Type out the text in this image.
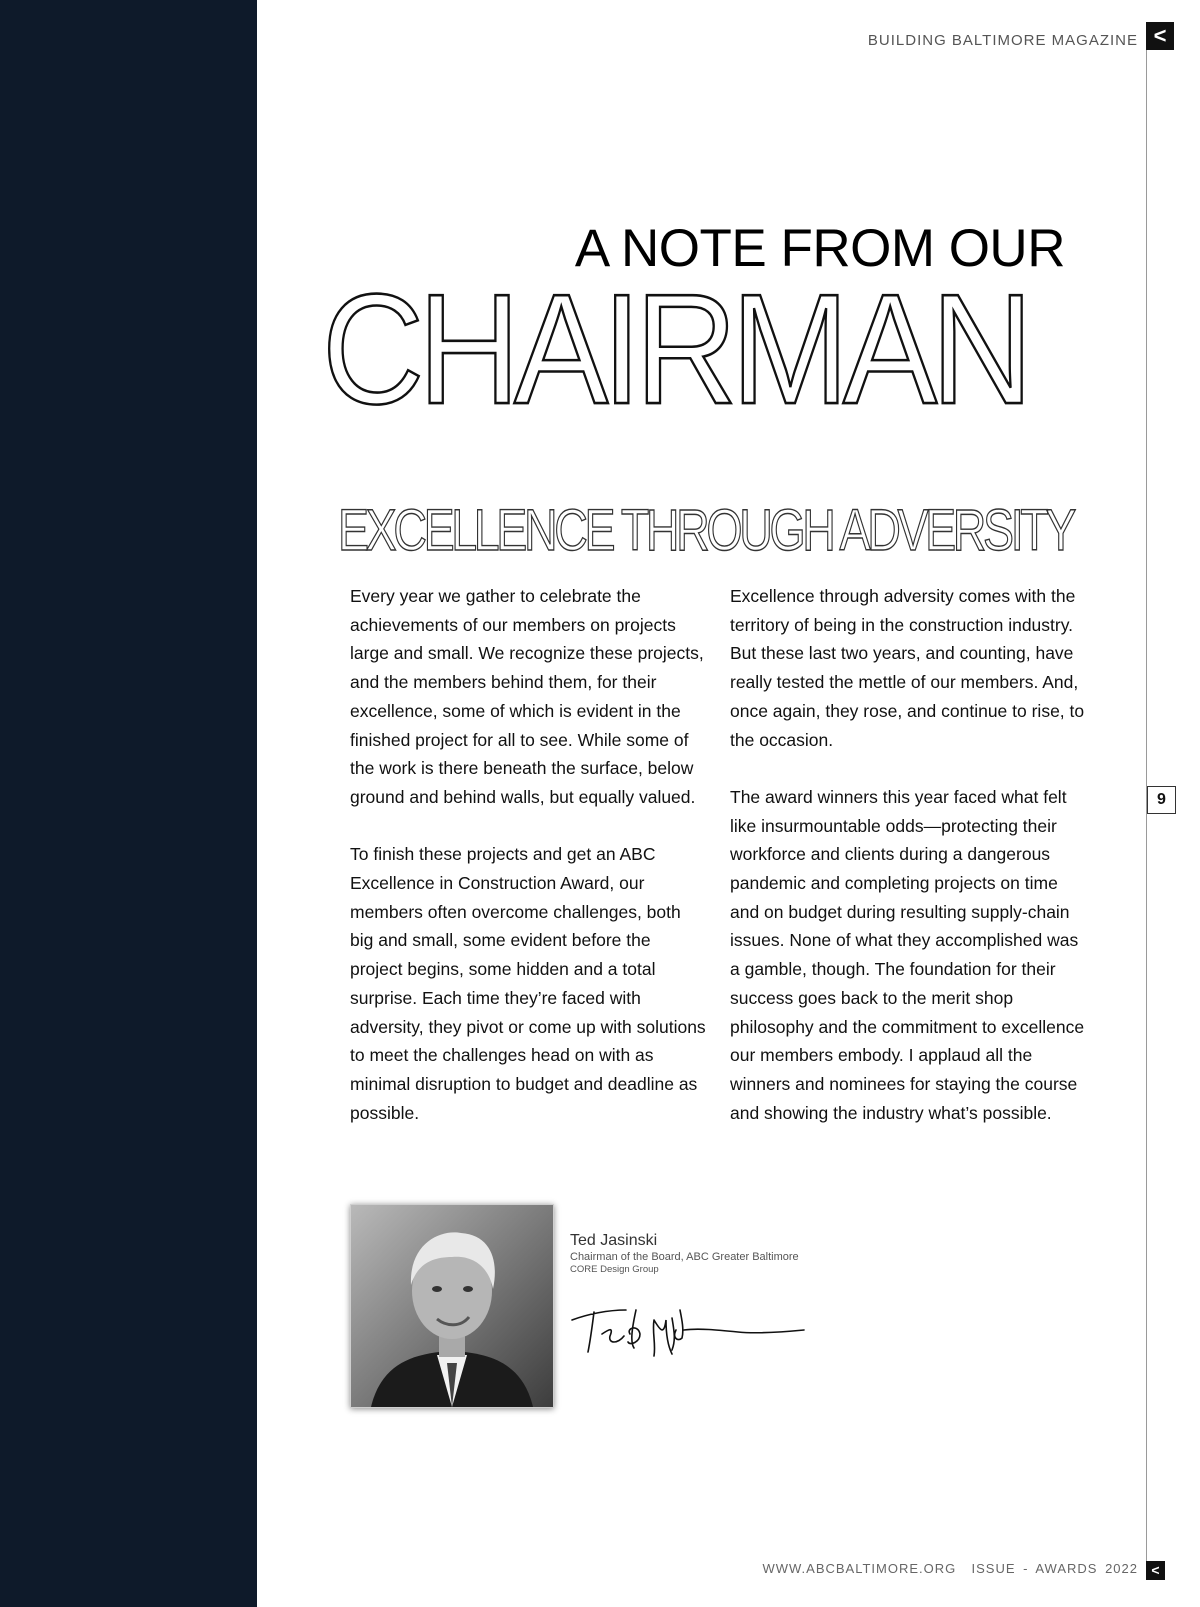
BUILDING BALTIMORE MAGAZINE <
A NOTE FROM OUR
CHAIRMAN
EXCELLENCE THROUGH ADVERSITY

Every year we gather to celebrate the achievements of our members on projects large and small. We recognize these projects, and the members behind them, for their excellence, some of which is evident in the finished project for all to see. While some of the work is there beneath the surface, below ground and behind walls, but equally valued.

To finish these projects and get an ABC Excellence in Construction Award, our members often overcome challenges, both big and small, some evident before the project begins, some hidden and a total surprise. Each time they’re faced with adversity, they pivot or come up with solutions to meet the challenges head on with as minimal disruption to budget and deadline as possible.

Excellence through adversity comes with the territory of being in the construction industry. But these last two years, and counting, have really tested the mettle of our members. And, once again, they rose, and continue to rise, to the occasion.

The award winners this year faced what felt like insurmountable odds—protecting their workforce and clients during a dangerous pandemic and completing projects on time and on budget during resulting supply-chain issues. None of what they accomplished was a gamble, though. The foundation for their success goes back to the merit shop philosophy and the commitment to excellence our members embody. I applaud all the winners and nominees for staying the course and showing the industry what’s possible.

9
Ted Jasinski
Chairman of the Board, ABC Greater Baltimore
CORE Design Group
WWW.ABCBALTIMORE.ORG ISSUE - AWARDS 2022 <
